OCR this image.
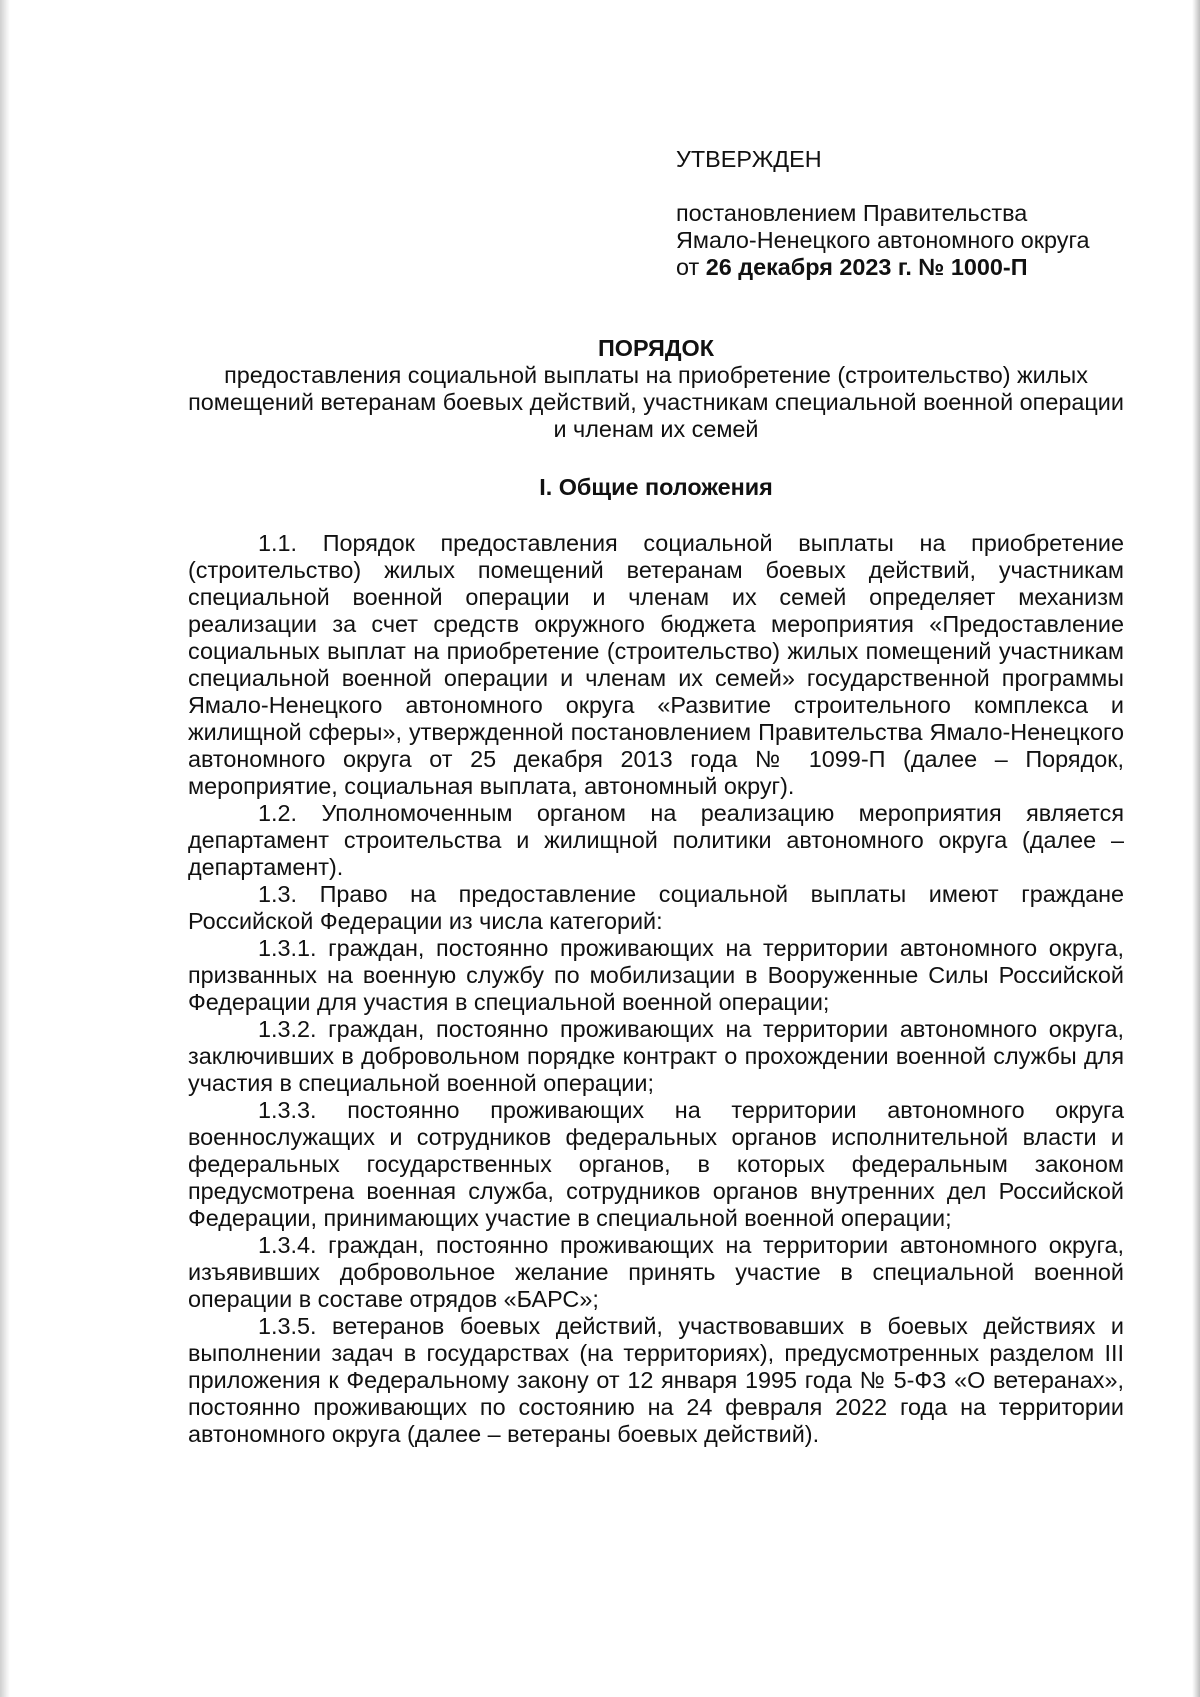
УТВЕРЖДЕН
постановлением Правительства
Ямало-Ненецкого автономного округа
от 26 декабря 2023 г. № 1000-П
ПОРЯДОК
предоставления социальной выплаты на приобретение (строительство) жилых помещений ветеранам боевых действий, участникам специальной военной операции и членам их семей
I. Общие положения

1.1. Порядок предоставления социальной выплаты на приобретение (строительство) жилых помещений ветеранам боевых действий, участникам специальной военной операции и членам их семей определяет механизм реализации за счет средств окружного бюджета мероприятия «Предоставление социальных выплат на приобретение (строительство) жилых помещений участникам специальной военной операции и членам их семей» государственной программы Ямало-Ненецкого автономного округа «Развитие строительного комплекса и жилищной сферы», утвержденной постановлением Правительства Ямало-Ненецкого автономного округа от 25 декабря 2013 года № 1099-П (далее – Порядок, мероприятие, социальная выплата, автономный округ).

1.2. Уполномоченным органом на реализацию мероприятия является департамент строительства и жилищной политики автономного округа (далее – департамент).

1.3. Право на предоставление социальной выплаты имеют граждане Российской Федерации из числа категорий:

1.3.1. граждан, постоянно проживающих на территории автономного округа, призванных на военную службу по мобилизации в Вооруженные Силы Российской Федерации для участия в специальной военной операции;

1.3.2. граждан, постоянно проживающих на территории автономного округа, заключивших в добровольном порядке контракт о прохождении военной службы для участия в специальной военной операции;

1.3.3. постоянно проживающих на территории автономного округа военнослужащих и сотрудников федеральных органов исполнительной власти и федеральных государственных органов, в которых федеральным законом предусмотрена военная служба, сотрудников органов внутренних дел Российской Федерации, принимающих участие в специальной военной операции;

1.3.4. граждан, постоянно проживающих на территории автономного округа, изъявивших добровольное желание принять участие в специальной военной операции в составе отрядов «БАРС»;

1.3.5. ветеранов боевых действий, участвовавших в боевых действиях и выполнении задач в государствах (на территориях), предусмотренных разделом III приложения к Федеральному закону от 12 января 1995 года № 5-ФЗ «О ветеранах», постоянно проживающих по состоянию на 24 февраля 2022 года на территории автономного округа (далее – ветераны боевых действий).
